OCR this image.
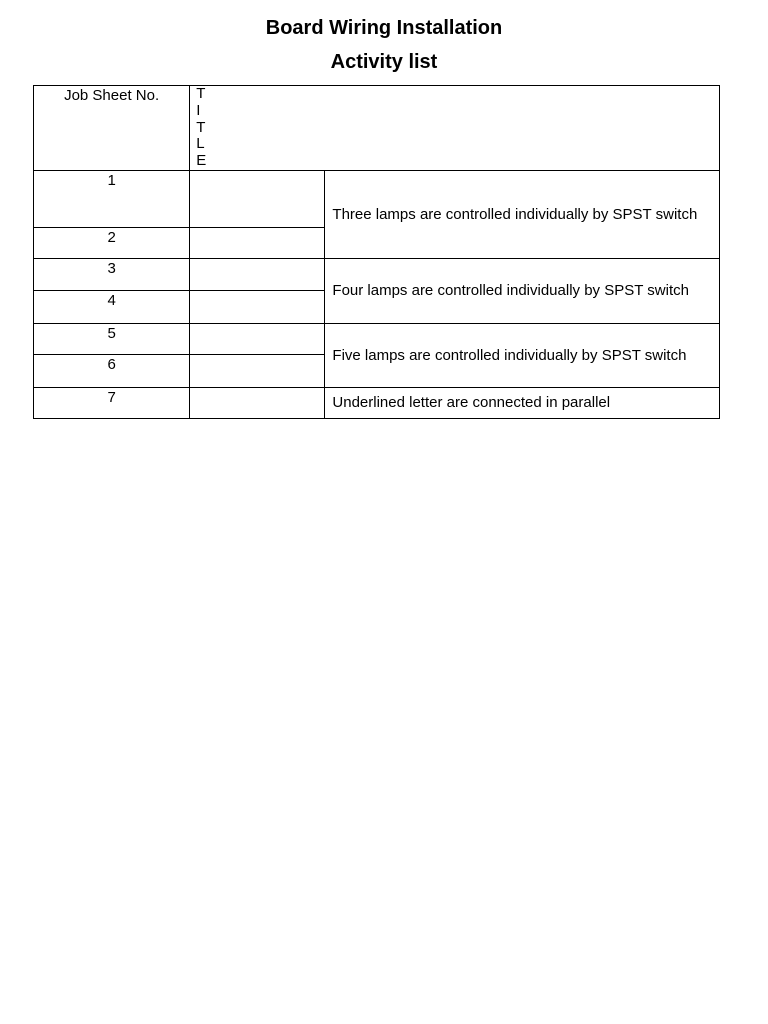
Board Wiring Installation
Activity list
Job Sheet No.	T
I
T
L
E	

1		Three lamps are controlled individually by SPST switch
2		
3		Four lamps are controlled individually by SPST switch
4		
5		Five lamps are controlled individually by SPST switch
6		
7		Underlined letter are connected in parallel
